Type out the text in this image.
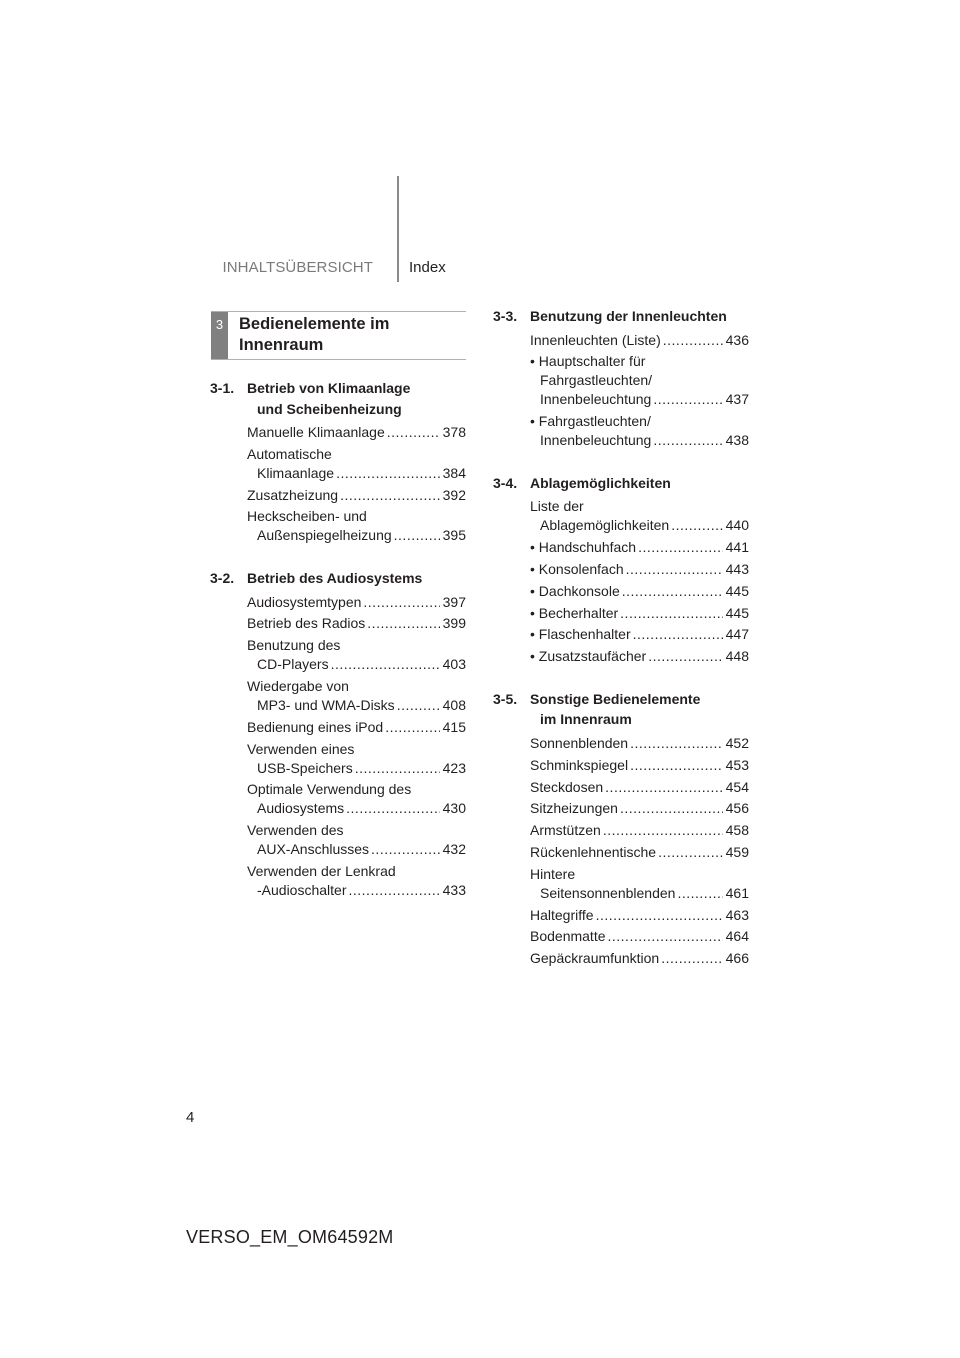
INHALTSÜBERSICHT Index
3 Bedienelemente im
Innenraum
3-1. Betrieb von Klimaanlage
und Scheibenheizung
Manuelle Klimaanlage .....	378
Automatische
Klimaanlage .....	384
Zusatzheizung .....	392
Heckscheiben- und
Außenspiegelheizung .....	395
3-2. Betrieb des Audiosystems
Audiosystemtypen .....	397
Betrieb des Radios .....	399
Benutzung des
CD-Players .....	403
Wiedergabe von
MP3- und WMA-Disks .....	408
Bedienung eines iPod .....	415
Verwenden eines
USB-Speichers .....	423
Optimale Verwendung des
Audiosystems .....	430
Verwenden des
AUX-Anschlusses .....	432
Verwenden der Lenkrad
-Audioschalter .....	433
3-3. Benutzung der Innenleuchten
Innenleuchten (Liste) .....	436
• Hauptschalter für
Fahrgastleuchten/
Innenbeleuchtung .....	437
• Fahrgastleuchten/
Innenbeleuchtung .....	438
3-4. Ablagemöglichkeiten
Liste der
Ablagemöglichkeiten .....	440
• Handschuhfach .....	441
• Konsolenfach .....	443
• Dachkonsole .....	445
• Becherhalter .....	445
• Flaschenhalter .....	447
• Zusatzstaufächer .....	448
3-5. Sonstige Bedienelemente
im Innenraum
Sonnenblenden .....	452
Schminkspiegel .....	453
Steckdosen .....	454
Sitzheizungen .....	456
Armstützen .....	458
Rückenlehnentische .....	459
Hintere
Seitensonnenblenden .....	461
Haltegriffe .....	463
Bodenmatte .....	464
Gepäckraumfunktion .....	466
4
VERSO_EM_OM64592M
